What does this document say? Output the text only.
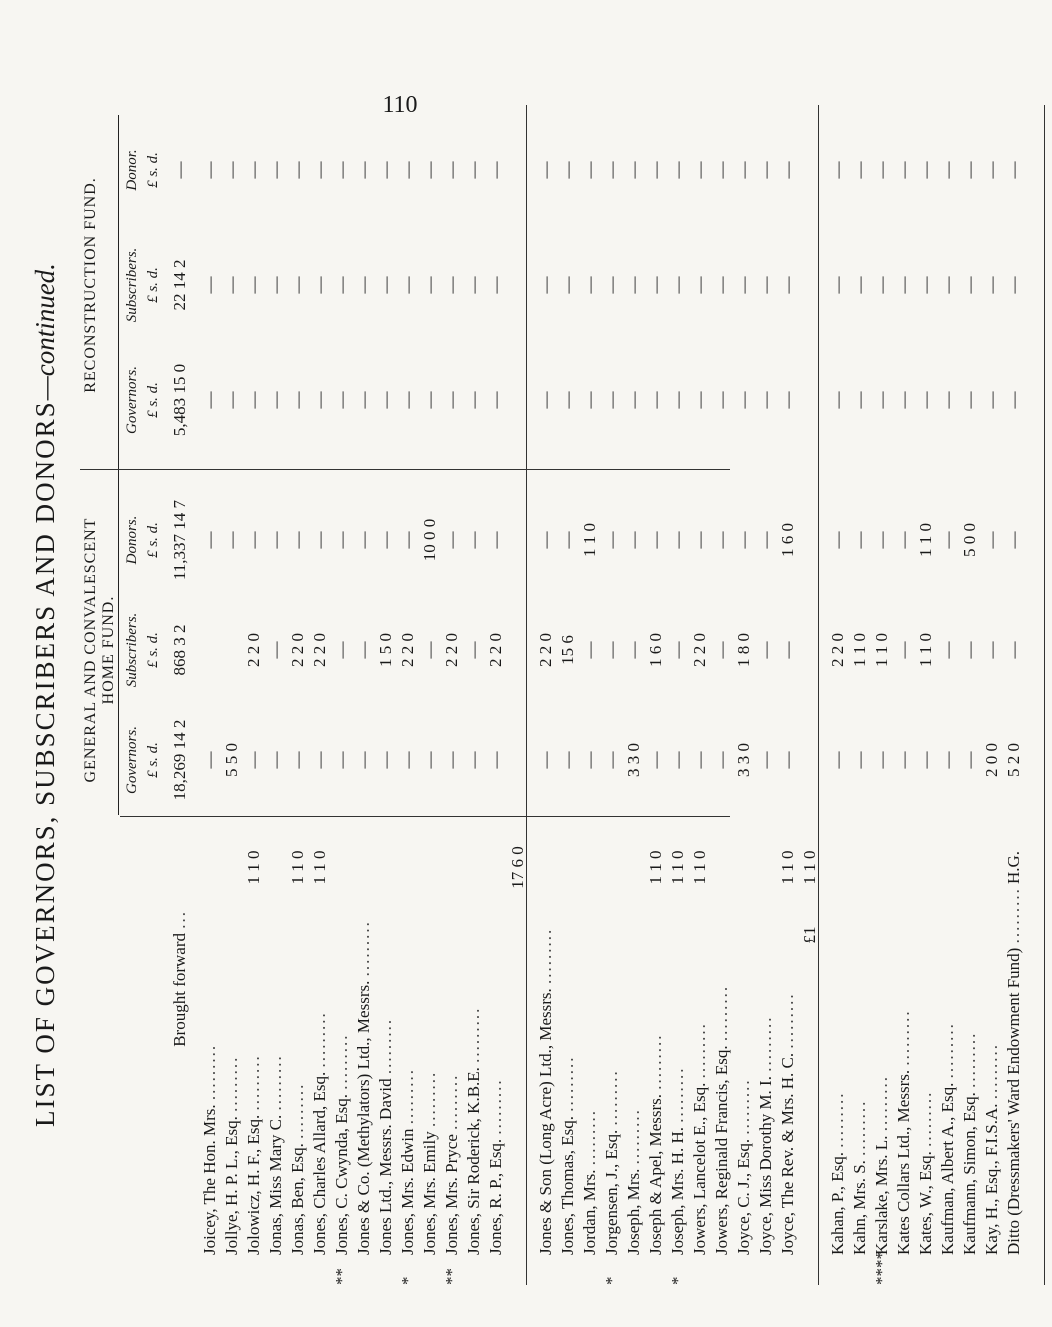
110
LIST OF GOVERNORS, SUBSCRIBERS AND DONORS—continued.
GENERAL AND CONVALESCENT HOME FUND.
RECONSTRUCTION FUND.
Governors.
Subscribers.
Donors.
Governors.
Subscribers.
Donor.
£ s. d.
£ s. d.
£ s. d.
£ s. d.
£ s. d.
£ s. d.
Brought forward ...
18,269 14 2
868 3 2
11,337 14 7
5,483 15 0
22 14 2
—
Joicey, The Hon. Mrs. .........
—
—
—
—
—
Jollye, H. P. L., Esq. .........
5 5 0
—
—
—
—
Jolowicz, H. F., Esq. .........
1 1 0
—
2 2 0
—
—
—
—
Jonas, Miss Mary C. .........
—
—
—
—
—
—
Jonas, Ben, Esq. .........
1 1 0
—
2 2 0
—
—
—
—
Jones, Charles Allard, Esq. .........
1 1 0
—
2 2 0
—
—
—
—
**
Jones, C. Cwynda, Esq. .........
—
—
—
—
—
—
Jones & Co. (Methylators) Ltd., Messrs. .........
—
—
—
—
—
—
Jones Ltd., Messrs. David .........
—
1 5 0
—
—
—
—
*
Jones, Mrs. Edwin .........
—
2 2 0
—
—
—
—
Jones, Mrs. Emily .........
—
—
10 0 0
—
—
—
**
Jones, Mrs. Pryce .........
—
2 2 0
—
—
—
—
Jones, Sir Roderick, K.B.E. .........
—
—
—
—
—
—
Jones, R. P., Esq. .........
—
2 2 0
—
—
—
—
17 6 0
Jones & Son (Long Acre) Ltd., Messrs. .........
—
2 2 0
—
—
—
—
Jones, Thomas, Esq. .........
—
15 6
—
—
—
—
Jordan, Mrs. .........
—
—
1 1 0
—
—
—
*
Jorgensen, J., Esq. .........
—
—
—
—
—
—
Joseph, Mrs. .........
3 3 0
—
—
—
—
—
Joseph & Apel, Messrs. .........
1 1 0
—
1 6 0
—
—
—
—
*
Joseph, Mrs. H. H. .........
1 1 0
—
—
—
—
—
—
Jowers, Lancelot E., Esq. .........
1 1 0
—
2 2 0
—
—
—
—
Jowers, Reginald Francis, Esq. .........
—
—
—
—
—
—
Joyce, C. J., Esq. .........
3 3 0
1 8 0
—
—
—
—
Joyce, Miss Dorothy M. I. .........
—
—
—
—
—
—
Joyce, The Rev. & Mrs. H. C. .........
1 1 0
—
—
1 6 0
—
—
—
£1
1 1 0
Kahan, P., Esq. .........
—
2 2 0
—
—
—
—
Kahn, Mrs. S. .........
—
1 1 0
—
—
—
—
****
Karslake, Mrs. L. .........
—
1 1 0
—
—
—
—
Kates Collars Ltd., Messrs. .........
—
—
—
—
—
—
Kates, W., Esq. .........
—
1 1 0
1 1 0
—
—
—
Kaufman, Albert A., Esq. .........
—
—
—
—
—
—
Kaufmann, Simon, Esq. .........
—
—
5 0 0
—
—
—
Kay, H., Esq., F.I.S.A. .........
2 0 0
—
—
—
—
—
Ditto (Dressmakers' Ward Endowment Fund) .........
H.G.
5 2 0
—
—
—
—
—
